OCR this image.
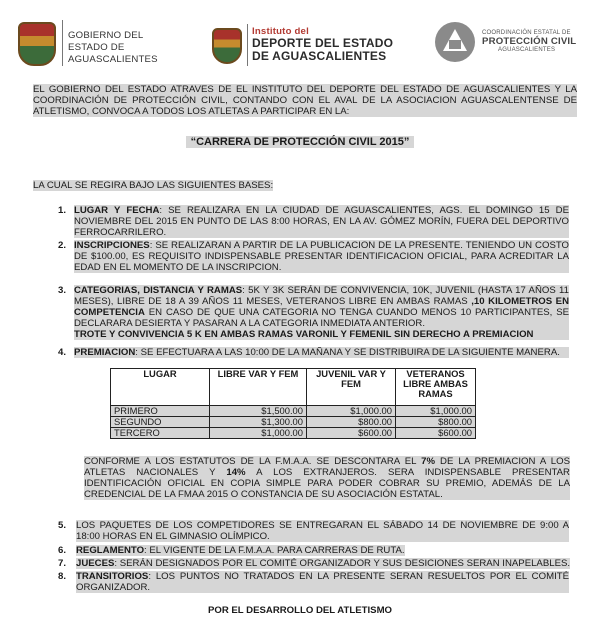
GOBIERNO DEL ESTADO DE AGUASCALIENTES
Instituto del
DEPORTE DEL ESTADO DE AGUASCALIENTES
COORDINACIÓN ESTATAL DE
PROTECCIÓN CIVIL
AGUASCALIENTES
EL GOBIERNO DEL ESTADO ATRAVES DE EL INSTITUTO DEL DEPORTE DEL ESTADO DE AGUASCALIENTES Y LA COORDINACIÓN DE PROTECCIÓN CIVIL, CONTANDO CON EL AVAL DE LA ASOCIACION AGUASCALENTENSE DE ATLETISMO, CONVOCA A TODOS LOS ATLETAS A PARTICIPAR EN LA:
“CARRERA DE PROTECCIÓN CIVIL 2015”
LA CUAL SE REGIRA BAJO LAS SIGUIENTES BASES:
1. LUGAR Y FECHA: SE REALIZARA EN LA CIUDAD DE AGUASCALIENTES, AGS. EL DOMINGO 15 DE NOVIEMBRE DEL 2015 EN PUNTO DE LAS 8:00 HORAS, EN LA AV. GÓMEZ MORÍN, FUERA DEL DEPORTIVO FERROCARRILERO.
2. INSCRIPCIONES: SE REALIZARAN A PARTIR DE LA PUBLICACION DE LA PRESENTE. TENIENDO UN COSTO DE $100.00, ES REQUISITO INDISPENSABLE PRESENTAR IDENTIFICACION OFICIAL, PARA ACREDITAR LA EDAD EN EL MOMENTO DE LA INSCRIPCION.
3. CATEGORIAS, DISTANCIA Y RAMAS: 5K Y 3K SERÁN DE CONVIVENCIA, 10K, JUVENIL (HASTA 17 AÑOS 11 MESES), LIBRE DE 18 A 39 AÑOS 11 MESES, VETERANOS LIBRE EN AMBAS RAMAS ,10 KILOMETROS EN COMPETENCIA EN CASO DE QUE UNA CATEGORIA NO TENGA CUANDO MENOS 10 PARTICIPANTES, SE DECLARARA DESIERTA Y PASARAN A LA CATEGORIA INMEDIATA ANTERIOR.
TROTE Y CONVIVENCIA 5 K EN AMBAS RAMAS VARONIL Y FEMENIL SIN DERECHO A PREMIACION
4. PREMIACION: SE EFECTUARA A LAS 10:00 DE LA MAÑANA Y SE DISTRIBUIRA DE LA SIGUIENTE MANERA.
LUGAR	LIBRE VAR Y FEM	JUVENIL VAR Y FEM	VETERANOS LIBRE AMBAS RAMAS
PRIMERO	$1,500.00	$1,000.00	$1,000.00
SEGUNDO	$1,300.00	$800.00	$800.00
TERCERO	$1,000.00	$600.00	$600.00
CONFORME A LOS ESTATUTOS DE LA F.M.A.A. SE DESCONTARA EL 7% DE LA PREMIACION A LOS ATLETAS NACIONALES Y 14% A LOS EXTRANJEROS. SERA INDISPENSABLE PRESENTAR IDENTIFICACIÓN OFICIAL EN COPIA SIMPLE PARA PODER COBRAR SU PREMIO, ADEMÁS DE LA CREDENCIAL DE LA FMAA 2015 O CONSTANCIA DE SU ASOCIACIÓN ESTATAL.
5. LOS PAQUETES DE LOS COMPETIDORES SE ENTREGARAN EL SÁBADO 14 DE NOVIEMBRE DE 9:00 A 18:00 HORAS EN EL GIMNASIO OLÍMPICO.
6. REGLAMENTO: EL VIGENTE DE LA F.M.A.A. PARA CARRERAS DE RUTA.
7. JUECES: SERÁN DESIGNADOS POR EL COMITÉ ORGANIZADOR Y SUS DESICIONES SERAN INAPELABLES.
8. TRANSITORIOS: LOS PUNTOS NO TRATADOS EN LA PRESENTE SERAN RESUELTOS POR EL COMITÉ ORGANIZADOR.
POR EL DESARROLLO DEL ATLETISMO
